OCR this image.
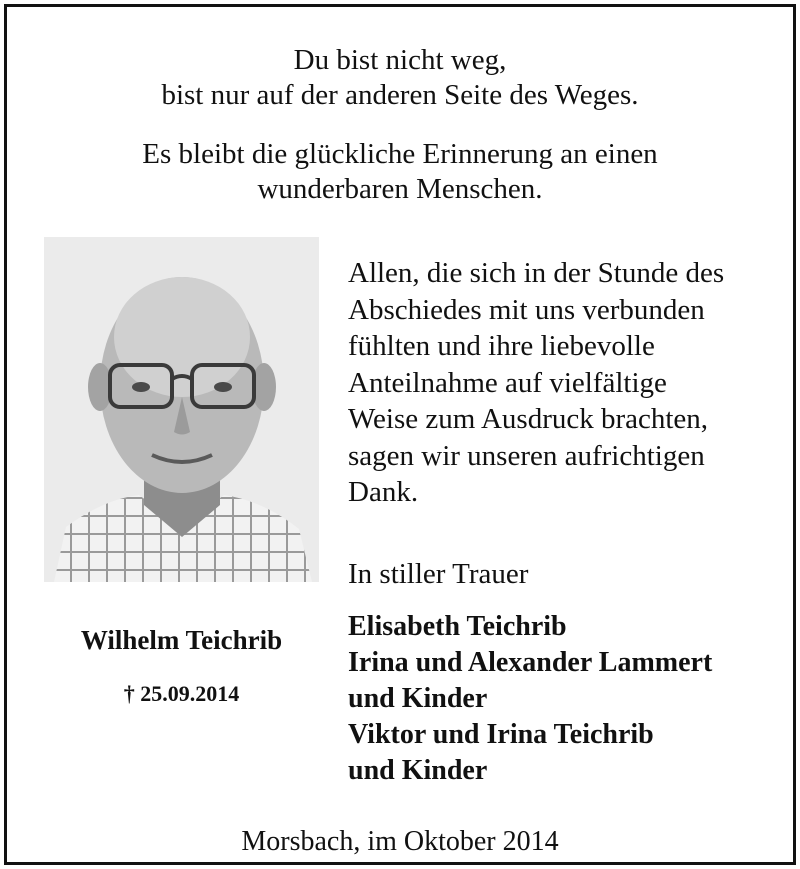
Du bist nicht weg,
bist nur auf der anderen Seite des Weges.
Es bleibt die glückliche Erinnerung an einen
wunderbaren Menschen.
Allen, die sich in der Stunde des
Abschiedes mit uns verbunden
fühlten und ihre liebevolle
Anteilnahme auf vielfältige
Weise zum Ausdruck brachten,
sagen wir unseren aufrichtigen
Dank.
In stiller Trauer
Elisabeth Teichrib
Irina und Alexander Lammert
und Kinder
Viktor und Irina Teichrib
und Kinder
Wilhelm Teichrib
† 25.09.2014
Morsbach, im Oktober 2014
